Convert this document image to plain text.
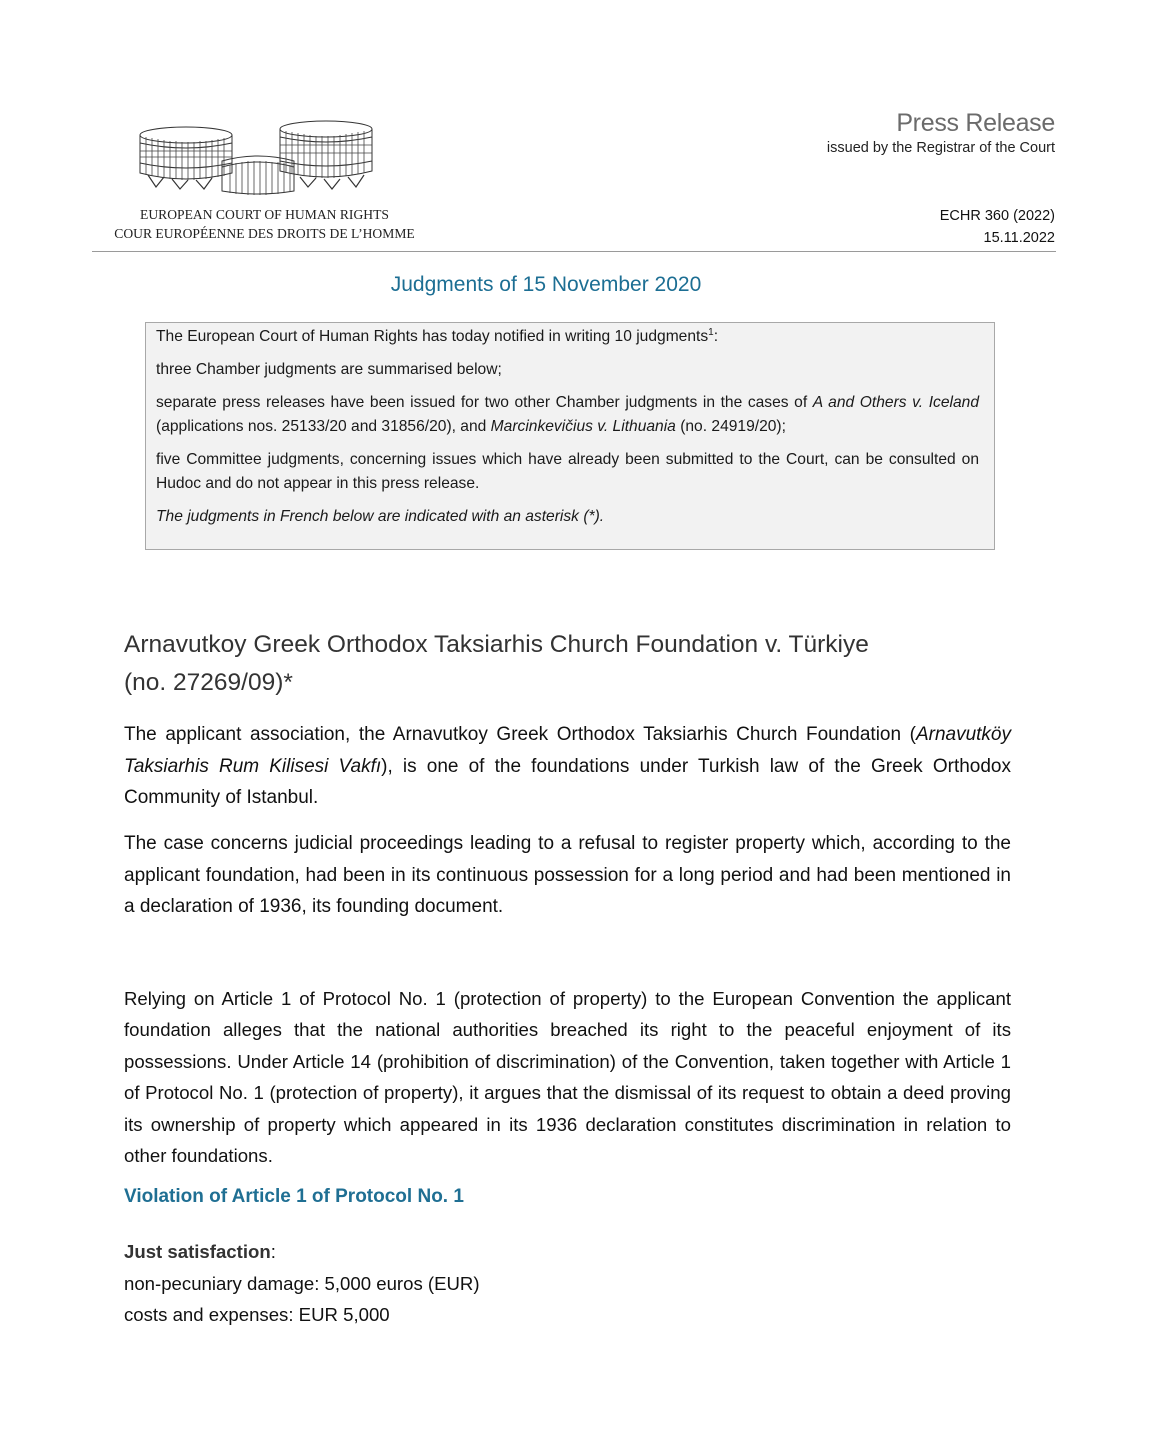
EUROPEAN COURT OF HUMAN RIGHTS
COUR EUROPÉENNE DES DROITS DE L’HOMME
Press Release
issued by the Registrar of the Court
ECHR 360 (2022)
15.11.2022
Judgments of 15 November 2020

The European Court of Human Rights has today notified in writing 10 judgments$^1$:

three Chamber judgments are summarised below;

separate press releases have been issued for two other Chamber judgments in the cases of A and Others v. Iceland (applications nos. 25133/20 and 31856/20), and Marcinkevičius v. Lithuania (no. 24919/20);

five Committee judgments, concerning issues which have already been submitted to the Court, can be consulted on Hudoc and do not appear in this press release.

The judgments in French below are indicated with an asterisk (*).

Arnavutkoy Greek Orthodox Taksiarhis Church Foundation v. Türkiye
(no. 27269/09)*
The applicant association, the Arnavutkoy Greek Orthodox Taksiarhis Church Foundation (Arnavutköy Taksiarhis Rum Kilisesi Vakfı), is one of the foundations under Turkish law of the Greek Orthodox Community of Istanbul.
The case concerns judicial proceedings leading to a refusal to register property which, according to the applicant foundation, had been in its continuous possession for a long period and had been mentioned in a declaration of 1936, its founding document.
Relying on Article 1 of Protocol No. 1 (protection of property) to the European Convention the applicant foundation alleges that the national authorities breached its right to the peaceful enjoyment of its possessions. Under Article 14 (prohibition of discrimination) of the Convention, taken together with Article 1 of Protocol No. 1 (protection of property), it argues that the dismissal of its request to obtain a deed proving its ownership of property which appeared in its 1936 declaration constitutes discrimination in relation to other foundations.
Violation of Article 1 of Protocol No. 1
Just satisfaction:
non-pecuniary damage: 5,000 euros (EUR)
costs and expenses: EUR 5,000
